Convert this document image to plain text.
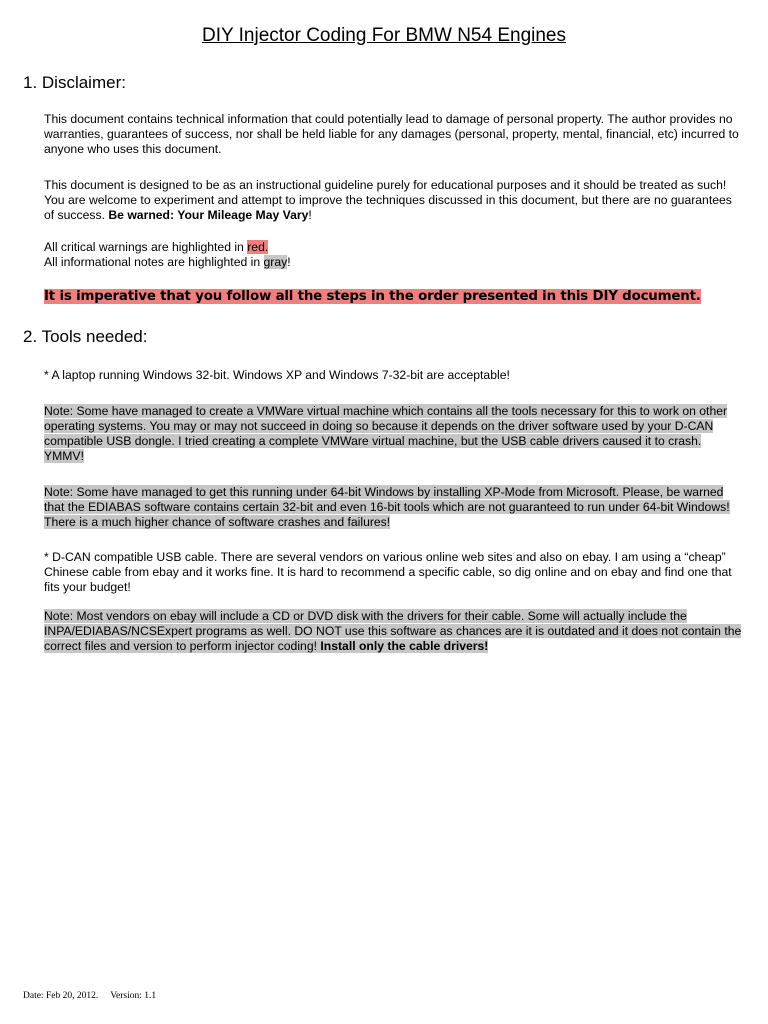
DIY Injector Coding For BMW N54 Engines
1. Disclaimer:

This document contains technical information that could potentially lead to damage of personal property. The author provides no warranties, guarantees of success, nor shall be held liable for any damages (personal, property, mental, financial, etc) incurred to anyone who uses this document.

This document is designed to be as an instructional guideline purely for educational purposes and it should be treated as such! You are welcome to experiment and attempt to improve the techniques discussed in this document, but there are no guarantees of success. Be warned: Your Mileage May Vary!

All critical warnings are highlighted in red.
All informational notes are highlighted in gray!

It is imperative that you follow all the steps in the order presented in this DIY document.

2. Tools needed:

* A laptop running Windows 32-bit. Windows XP and Windows 7-32-bit are acceptable!

Note: Some have managed to create a VMWare virtual machine which contains all the tools necessary for this to work on other operating systems. You may or may not succeed in doing so because it depends on the driver software used by your D-CAN compatible USB dongle. I tried creating a complete VMWare virtual machine, but the USB cable drivers caused it to crash. YMMV!

Note: Some have managed to get this running under 64-bit Windows by installing XP-Mode from Microsoft. Please, be warned that the EDIABAS software contains certain 32-bit and even 16-bit tools which are not guaranteed to run under 64-bit Windows! There is a much higher chance of software crashes and failures!

* D-CAN compatible USB cable. There are several vendors on various online web sites and also on ebay. I am using a “cheap” Chinese cable from ebay and it works fine. It is hard to recommend a specific cable, so dig online and on ebay and find one that fits your budget!

Note: Most vendors on ebay will include a CD or DVD disk with the drivers for their cable. Some will actually include the INPA/EDIABAS/NCSExpert programs as well. DO NOT use this software as chances are it is outdated and it does not contain the correct files and version to perform injector coding! Install only the cable drivers!

Date: Feb 20, 2012. Version: 1.1
